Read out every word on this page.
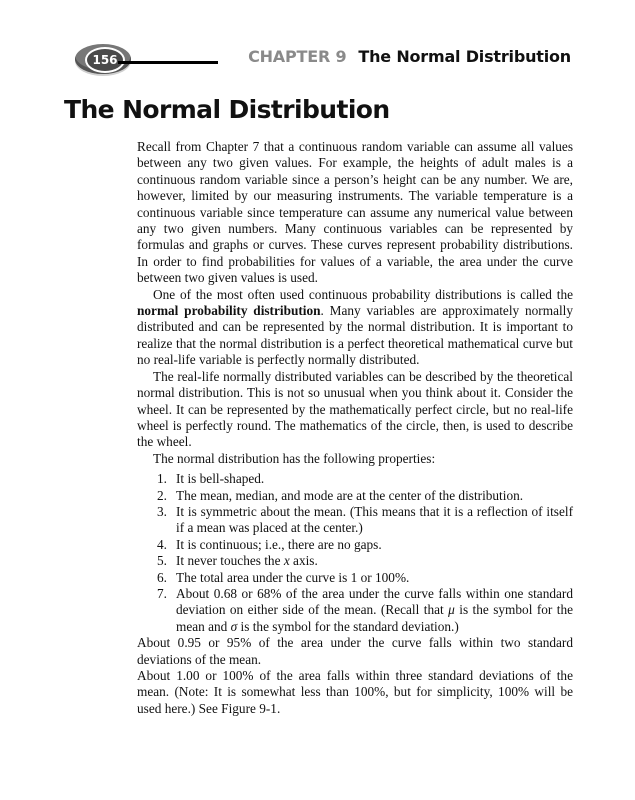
156	CHAPTER 9 The Normal Distribution
The Normal Distribution

Recall from Chapter 7 that a continuous random variable can assume all values between any two given values. For example, the heights of adult males is a continuous random variable since a person’s height can be any number. We are, however, limited by our measuring instruments. The variable temperature is a continuous variable since temperature can assume any numerical value between any two given numbers. Many continuous variables can be represented by formulas and graphs or curves. These curves represent probability distributions. In order to find probabilities for values of a variable, the area under the curve between two given values is used.

One of the most often used continuous probability distributions is called the normal probability distribution. Many variables are approximately normally distributed and can be represented by the normal distribution. It is important to realize that the normal distribution is a perfect theoretical mathematical curve but no real-life variable is perfectly normally distributed.

The real-life normally distributed variables can be described by the theoretical normal distribution. This is not so unusual when you think about it. Consider the wheel. It can be represented by the mathematically perfect circle, but no real-life wheel is perfectly round. The mathematics of the circle, then, is used to describe the wheel.

The normal distribution has the following properties:

1. It is bell-shaped.
2. The mean, median, and mode are at the center of the distribution.
3. It is symmetric about the mean. (This means that it is a reflection of itself if a mean was placed at the center.)
4. It is continuous; i.e., there are no gaps.
5. It never touches the x axis.
6. The total area under the curve is 1 or 100%.
7. About 0.68 or 68% of the area under the curve falls within one standard deviation on either side of the mean. (Recall that μ is the symbol for the mean and σ is the symbol for the standard deviation.)
About 0.95 or 95% of the area under the curve falls within two standard deviations of the mean.
About 1.00 or 100% of the area falls within three standard deviations of the mean. (Note: It is somewhat less than 100%, but for simplicity, 100% will be used here.) See Figure 9-1.
